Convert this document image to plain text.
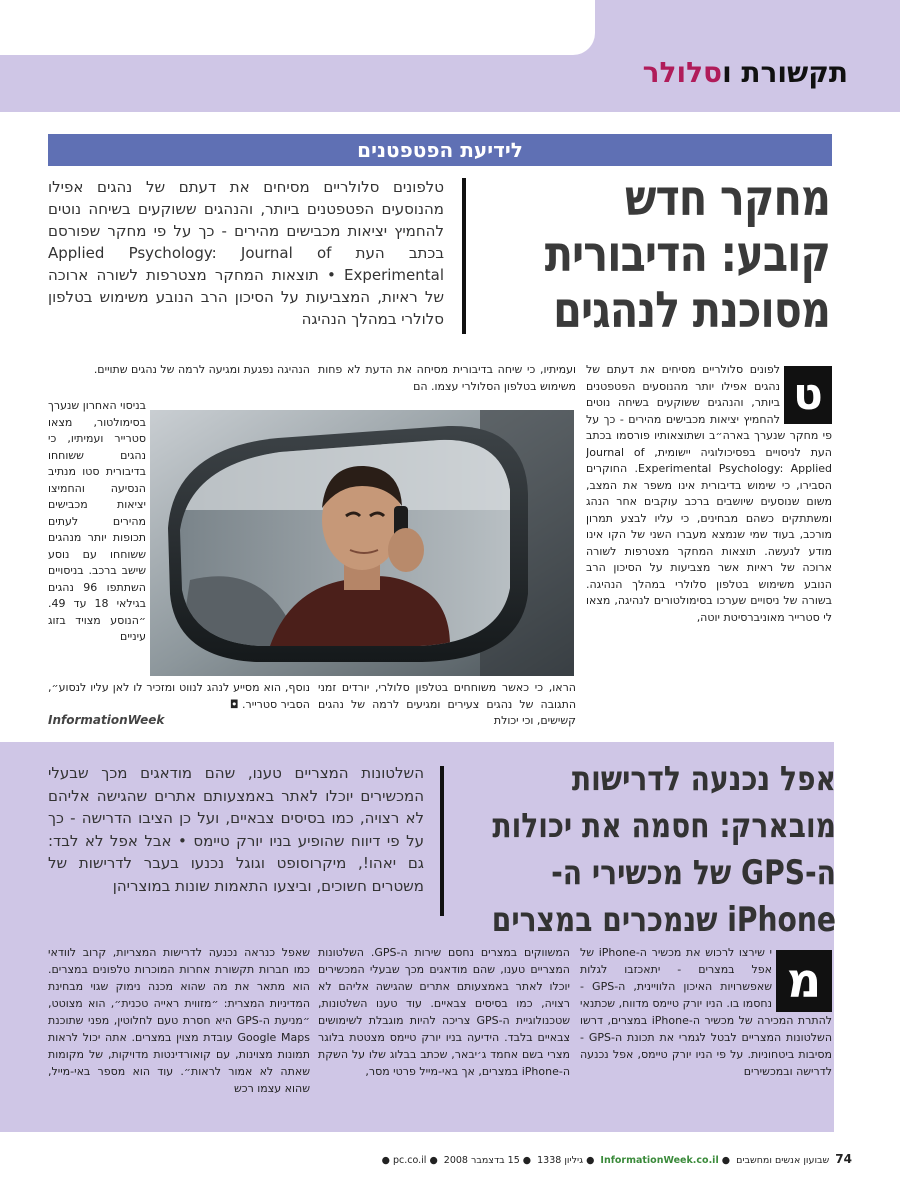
תקשורת וסלולר
לידיעת הפטפטנים
מחקר חדש קובע: הדיבורית מסוכנת לנהגים
טלפונים סלולריים מסיחים את דעתם של נהגים אפילו מהנוסעים הפטפטנים ביותר, והנהגים ששוקעים בשיחה נוטים להחמיץ יציאות מכבישים מהירים - כך על פי מחקר שפורסם בכתב העת Applied Psychology: Journal of Experimental • תוצאות המחקר מצטרפות לשורה ארוכה של ראיות, המצביעות על הסיכון הרב הנובע משימוש בטלפון סלולרי במהלך הנהיגה
ט
לפונים סלולריים מסיחים את דעתם של נהגים אפילו יותר מהנוסעים הפטפטנים ביותר, והנהגים ששוקעים בשיחה נוטים להחמיץ יציאות מכבישים מהירים - כך על פי מחקר שנערך בארה״ב ושתוצאותיו פורסמו בכתב העת לניסויים בפסיכולוגיה יישומית, Journal of Experimental Psychology: Applied. החוקרים הסבירו, כי שימוש בדיבורית אינו משפר את המצב, משום שנוסעים שיושבים ברכב עוקבים אחר הנהג ומשתתקים כשהם מבחינים, כי עליו לבצע תמרון מורכב, בעוד שמי שנמצא מעברו השני של הקו אינו מודע לנעשה. תוצאות המחקר מצטרפות לשורה ארוכה של ראיות אשר מצביעות על הסיכון הרב הנובע משימוש בטלפון סלולרי במהלך הנהיגה. בשורה של ניסויים שערכו בסימולטורים לנהיגה, מצאו לי סטרייר מאוניברסיטת יוטה,
ועמיתיו, כי שיחה בדיבורית מסיחה את הדעת לא פחות משימוש בטלפון הסלולרי עצמו. הם
הראו, כי כאשר משוחחים בטלפון סלולרי, יורדים זמני התגובה של נהגים צעירים ומגיעים לרמה של נהגים קשישים, וכי יכולת
הנהיגה נפגעת ומגיעה לרמה של נהגים שתויים.
בניסוי האחרון שנערך בסימולטור, מצאו סטרייר ועמיתיו, כי נהגים ששוחחו בדיבורית סטו מנתיב הנסיעה והחמיצו יציאות מכבישים מהירים לעתים תכופות יותר מנהגים ששוחחו עם נוסע שישב ברכב. בניסויים השתתפו 96 נהגים בגילאי 18 עד 49. ״הנוסע מצויד בזוג עיניים
נוסף, הוא מסייע לנהג לנווט ומזכיר לו לאן עליו לנסוע״, הסביר סטרייר. ◘
InformationWeek
אפל נכנעה לדרישות מובארק: חסמה את יכולות ה-GPS של מכשירי ה-iPhone שנמכרים במצרים
השלטונות המצריים טענו, שהם מודאגים מכך שבעלי המכשירים יוכלו לאתר באמצעותם אתרים שהגישה אליהם לא רצויה, כמו בסיסים צבאיים, ועל כן הציבו הדרישה - כך על פי דיווח שהופיע בניו יורק טיימס • אבל אפל לא לבד: גם יאהו!, מיקרוסופט וגוגל נכנעו בעבר לדרישות של משטרים חשוכים, וביצעו התאמות שונות במוצריהן
מ
י שירצו לרכוש את מכשיר ה-iPhone של אפל במצרים - יתאכזבו לגלות שאפשרויות האיכון הלוויינית, ה-GPS - נחסמו בו. הניו יורק טיימס מדווח, שכתנאי להתרת המכירה של מכשיר ה-iPhone במצרים, דרשו השלטונות המצריים לבטל לגמרי את תכונת ה-GPS - מסיבות ביטחוניות. על פי הניו יורק טיימס, אפל נכנעה לדרישה ובמכשירים
המשווקים במצרים נחסם שירות ה-GPS. השלטונות המצריים טענו, שהם מודאגים מכך שבעלי המכשירים יוכלו לאתר באמצעותם אתרים שהגישה אליהם לא רצויה, כמו בסיסים צבאיים. עוד טענו השלטונות, שטכנולוגיית ה-GPS צריכה להיות מוגבלת לשימושים צבאיים בלבד. הידיעה בניו יורק טיימס מצטטת בלוגר מצרי בשם אחמד ג׳יבאר, שכתב בבלוג שלו על השקת ה-iPhone במצרים, אך באי-מייל פרטי מסר,
שאפל כנראה נכנעה לדרישות המצריות, קרוב לוודאי כמו חברות תקשורת אחרות המוכרות טלפונים במצרים. הוא מתאר את מה שהוא מכנה נימוק שגוי מבחינת המדיניות המצרית: ״מזווית ראייה טכנית״, הוא מצוטט, ״מניעת ה-GPS היא חסרת טעם לחלוטין, מפני שתוכנת Google Maps עובדת מצוין במצרים. אתה יכול לראות תמונות מצוינות, עם קואורדינטות מדויקות, של מקומות שאתה לא אמור לראות״. עוד הוא מספר באי-מייל, שהוא עצמו רכש
74  שבועון אנשים ומחשבים  ● InformationWeek.co.il  ● גיליון 1338  ● 15 בדצמבר 2008  ● pc.co.il ●
